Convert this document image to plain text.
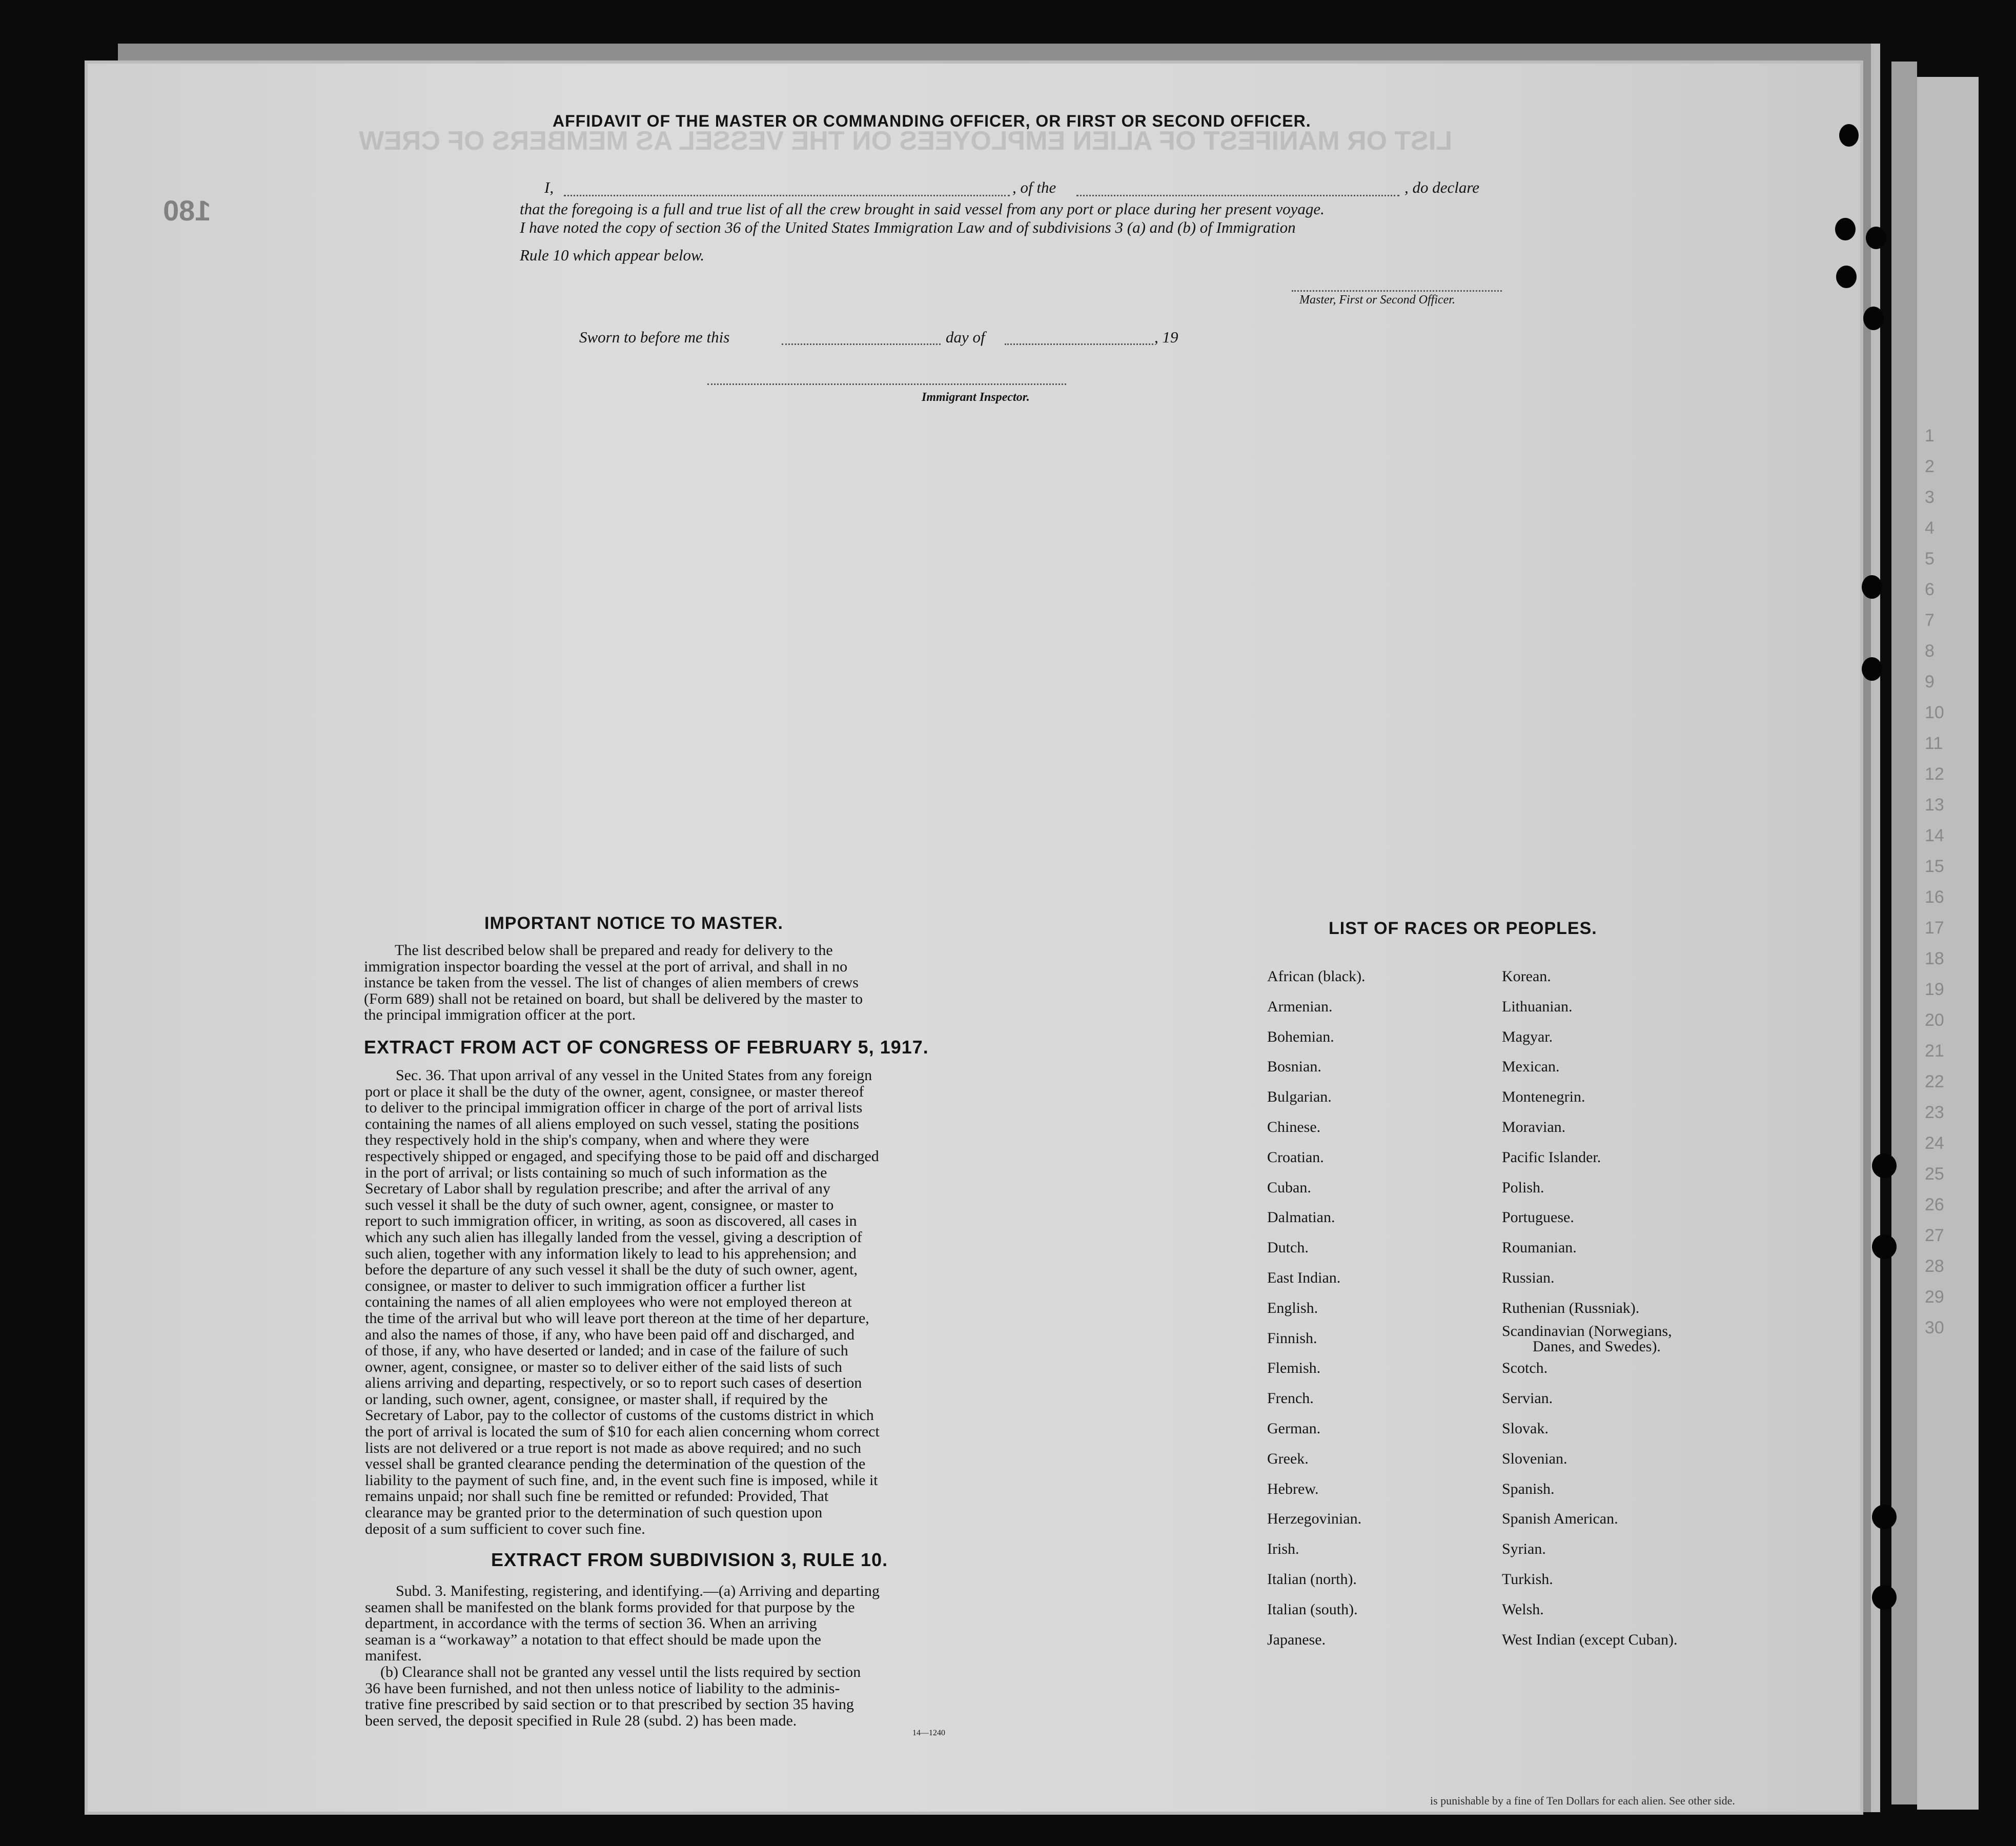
LIST OR MANIFEST OF ALIEN EMPLOYEES ON THE VESSEL AS MEMBERS OF CREW
180
1
2
3
4
5
6
7
8
9
10
11
12
13
14
15
16
17
18
19
20
21
22
23
24
25
26
27
28
29
30
AFFIDAVIT OF THE MASTER OR COMMANDING OFFICER, OR FIRST OR SECOND OFFICER.
I,	, of the	, do declare
that the foregoing is a full and true list of all the crew brought in said vessel from any port or place during her present voyage.
I have noted the copy of section 36 of the United States Immigration Law and of subdivisions 3 (a) and (b) of Immigration
Rule 10 which appear below.
Master, First or Second Officer.
Sworn to before me this	day of	, 19
Immigrant Inspector.
IMPORTANT NOTICE TO MASTER.
The list described below shall be prepared and ready for delivery to the
immigration inspector boarding the vessel at the port of arrival, and shall in no
instance be taken from the vessel. The list of changes of alien members of crews
(Form 689) shall not be retained on board, but shall be delivered by the master to
the principal immigration officer at the port.
EXTRACT FROM ACT OF CONGRESS OF FEBRUARY 5, 1917.
Sec. 36. That upon arrival of any vessel in the United States from any foreign
port or place it shall be the duty of the owner, agent, consignee, or master thereof
to deliver to the principal immigration officer in charge of the port of arrival lists
containing the names of all aliens employed on such vessel, stating the positions
they respectively hold in the ship's company, when and where they were
respectively shipped or engaged, and specifying those to be paid off and discharged
in the port of arrival; or lists containing so much of such information as the
Secretary of Labor shall by regulation prescribe; and after the arrival of any
such vessel it shall be the duty of such owner, agent, consignee, or master to
report to such immigration officer, in writing, as soon as discovered, all cases in
which any such alien has illegally landed from the vessel, giving a description of
such alien, together with any information likely to lead to his apprehension; and
before the departure of any such vessel it shall be the duty of such owner, agent,
consignee, or master to deliver to such immigration officer a further list
containing the names of all alien employees who were not employed thereon at
the time of the arrival but who will leave port thereon at the time of her departure,
and also the names of those, if any, who have been paid off and discharged, and
of those, if any, who have deserted or landed; and in case of the failure of such
owner, agent, consignee, or master so to deliver either of the said lists of such
aliens arriving and departing, respectively, or so to report such cases of desertion
or landing, such owner, agent, consignee, or master shall, if required by the
Secretary of Labor, pay to the collector of customs of the customs district in which
the port of arrival is located the sum of $10 for each alien concerning whom correct
lists are not delivered or a true report is not made as above required; and no such
vessel shall be granted clearance pending the determination of the question of the
liability to the payment of such fine, and, in the event such fine is imposed, while it
remains unpaid; nor shall such fine be remitted or refunded: Provided, That
clearance may be granted prior to the determination of such question upon
deposit of a sum sufficient to cover such fine.
EXTRACT FROM SUBDIVISION 3, RULE 10.
Subd. 3. Manifesting, registering, and identifying.—(a) Arriving and departing
seamen shall be manifested on the blank forms provided for that purpose by the
department, in accordance with the terms of section 36. When an arriving
seaman is a “workaway” a notation to that effect should be made upon the
manifest.
(b) Clearance shall not be granted any vessel until the lists required by section
36 have been furnished, and not then unless notice of liability to the adminis-
trative fine prescribed by said section or to that prescribed by section 35 having
been served, the deposit specified in Rule 28 (subd. 2) has been made.
14—1240
LIST OF RACES OR PEOPLES.
African (black).
Armenian.
Bohemian.
Bosnian.
Bulgarian.
Chinese.
Croatian.
Cuban.
Dalmatian.
Dutch.
East Indian.
English.
Finnish.
Flemish.
French.
German.
Greek.
Hebrew.
Herzegovinian.
Irish.
Italian (north).
Italian (south).
Japanese.
Korean.
Lithuanian.
Magyar.
Mexican.
Montenegrin.
Moravian.
Pacific Islander.
Polish.
Portuguese.
Roumanian.
Russian.
Ruthenian (Russniak).
Scandinavian (Norwegians,
Danes, and Swedes).
Scotch.
Servian.
Slovak.
Slovenian.
Spanish.
Spanish American.
Syrian.
Turkish.
Welsh.
West Indian (except Cuban).
is punishable by a fine of Ten Dollars for each alien. See other side.
